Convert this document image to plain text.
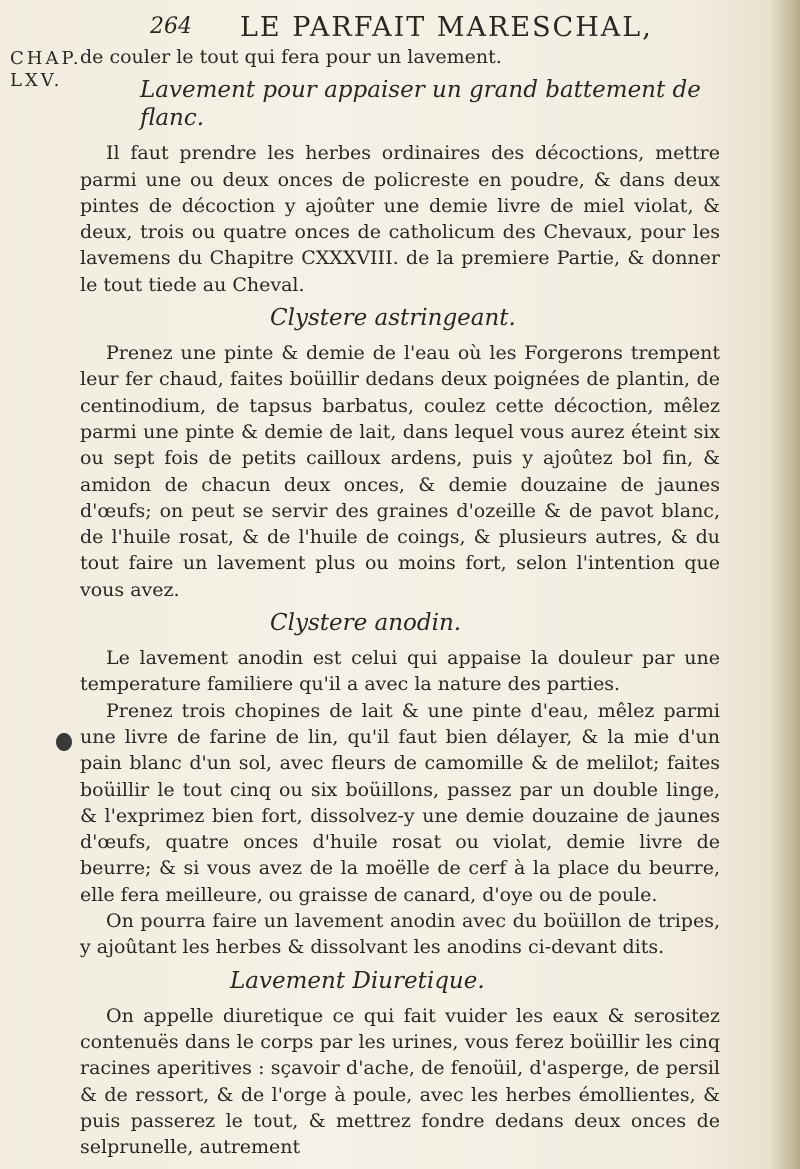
264 LE PARFAIT MARESCHAL,
CHAP.
LXV.

de couler le tout qui fera pour un lavement.

Lavement pour appaiser un grand battement de flanc.

Il faut prendre les herbes ordinaires des décoctions, mettre parmi une ou deux onces de policreste en poudre, & dans deux pintes de décoction y ajoûter une demie livre de miel violat, & deux, trois ou quatre onces de catholicum des Chevaux, pour les lavemens du Chapitre CXXXVIII. de la premiere Partie, & donner le tout tiede au Cheval.

Clystere astringeant.

Prenez une pinte & demie de l'eau où les Forgerons trempent leur fer chaud, faites boüillir dedans deux poignées de plantin, de centinodium, de tapsus barbatus, coulez cette décoction, mêlez parmi une pinte & demie de lait, dans lequel vous aurez éteint six ou sept fois de petits cailloux ardens, puis y ajoûtez bol fin, & amidon de chacun deux onces, & demie douzaine de jaunes d'œufs; on peut se servir des graines d'ozeille & de pavot blanc, de l'huile rosat, & de l'huile de coings, & plusieurs autres, & du tout faire un lavement plus ou moins fort, selon l'intention que vous avez.

Clystere anodin.

Le lavement anodin est celui qui appaise la douleur par une temperature familiere qu'il a avec la nature des parties.

Prenez trois chopines de lait & une pinte d'eau, mêlez parmi une livre de farine de lin, qu'il faut bien délayer, & la mie d'un pain blanc d'un sol, avec fleurs de camomille & de melilot; faites boüillir le tout cinq ou six boüillons, passez par un double linge, & l'exprimez bien fort, dissolvez-y une demie douzaine de jaunes d'œufs, quatre onces d'huile rosat ou violat, demie livre de beurre; & si vous avez de la moëlle de cerf à la place du beurre, elle fera meilleure, ou graisse de canard, d'oye ou de poule.

On pourra faire un lavement anodin avec du boüillon de tripes, y ajoûtant les herbes & dissolvant les anodins ci-devant dits.

Lavement Diuretique.

On appelle diuretique ce qui fait vuider les eaux & serositez contenuës dans le corps par les urines, vous ferez boüillir les cinq racines aperitives : sçavoir d'ache, de fenoüil, d'asperge, de persil & de ressort, & de l'orge à poule, avec les herbes émollientes, & puis passerez le tout, & mettrez fondre dedans deux onces de selprunelle, autrement
